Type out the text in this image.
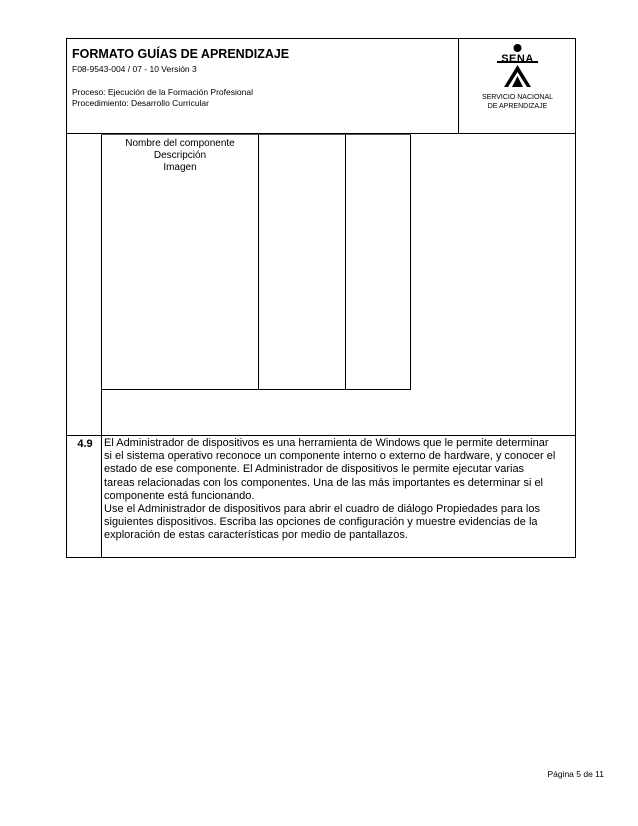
FORMATO GUÍAS DE APRENDIZAJE
F08-9543-004 / 07 - 10 Versión 3
Proceso: Ejecución de la Formación Profesional
Procedimiento: Desarrollo Curricular
SENA
SERVICIO NACIONAL
DE APRENDIZAJE
Nombre del componente
Descripción
Imagen
4.9	El Administrador de dispositivos es una herramienta de Windows que le permite determinar
si el sistema operativo reconoce un componente interno o externo de hardware, y conocer el
estado de ese componente. El Administrador de dispositivos le permite ejecutar varias
tareas relacionadas con los componentes. Una de las más importantes es determinar si el
componente está funcionando.
Use el Administrador de dispositivos para abrir el cuadro de diálogo Propiedades para los
siguientes dispositivos. Escriba las opciones de configuración y muestre evidencias de la
exploración de estas características por medio de pantallazos.
Página 5 de 11
